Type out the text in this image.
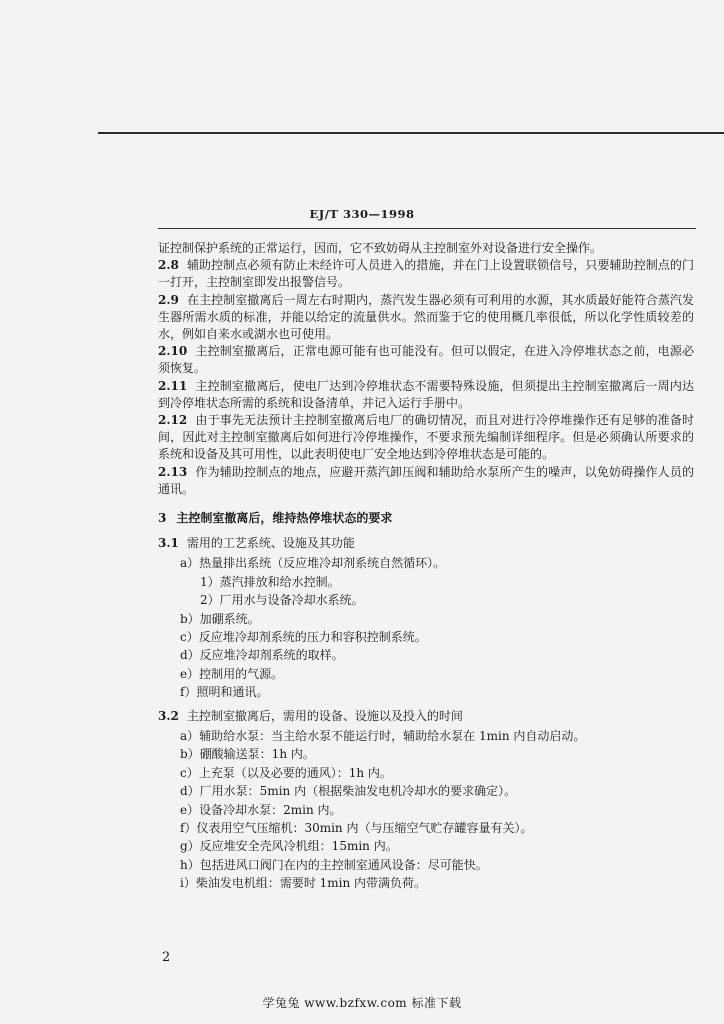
EJ/T 330—1998

证控制保护系统的正常运行，因而，它不致妨碍从主控制室外对设备进行安全操作。

2.8 辅助控制点必须有防止未经许可人员进入的措施，并在门上设置联锁信号，只要辅助控制点的门一打开，主控制室即发出报警信号。

2.9 在主控制室撤离后一周左右时期内，蒸汽发生器必须有可利用的水源，其水质最好能符合蒸汽发生器所需水质的标准，并能以给定的流量供水。然而鉴于它的使用概几率很低，所以化学性质较差的水，例如自来水或湖水也可使用。

2.10 主控制室撤离后，正常电源可能有也可能没有。但可以假定，在进入冷停堆状态之前，电源必须恢复。

2.11 主控制室撤离后，使电厂达到冷停堆状态不需要特殊设施，但须提出主控制室撤离后一周内达到冷停堆状态所需的系统和设备清单，并记入运行手册中。

2.12 由于事先无法预计主控制室撤离后电厂的确切情况，而且对进行冷停堆操作还有足够的准备时间，因此对主控制室撤离后如何进行冷停堆操作，不要求预先编制详细程序。但是必须确认所要求的系统和设备及其可用性，以此表明使电厂安全地达到冷停堆状态是可能的。

2.13 作为辅助控制点的地点，应避开蒸汽卸压阀和辅助给水泵所产生的噪声，以免妨碍操作人员的通讯。

3 主控制室撤离后，维持热停堆状态的要求
3.1 需用的工艺系统、设施及其功能

a）热量排出系统（反应堆冷却剂系统自然循环）。

1）蒸汽排放和给水控制。

2）厂用水与设备冷却水系统。

b）加硼系统。

c）反应堆冷却剂系统的压力和容积控制系统。

d）反应堆冷却剂系统的取样。

e）控制用的气源。

f）照明和通讯。

3.2 主控制室撤离后，需用的设备、设施以及投入的时间

a）辅助给水泵：当主给水泵不能运行时，辅助给水泵在 1min 内自动启动。

b）硼酸输送泵：1h 内。

c）上充泵（以及必要的通风）：1h 内。

d）厂用水泵：5min 内（根据柴油发电机冷却水的要求确定）。

e）设备冷却水泵：2min 内。

f）仪表用空气压缩机：30min 内（与压缩空气贮存罐容量有关）。

g）反应堆安全壳风冷机组：15min 内。

h）包括进风口阀门在内的主控制室通风设备：尽可能快。

i）柴油发电机组：需要时 1min 内带满负荷。

2
学兔兔 www.bzfxw.com 标准下载
